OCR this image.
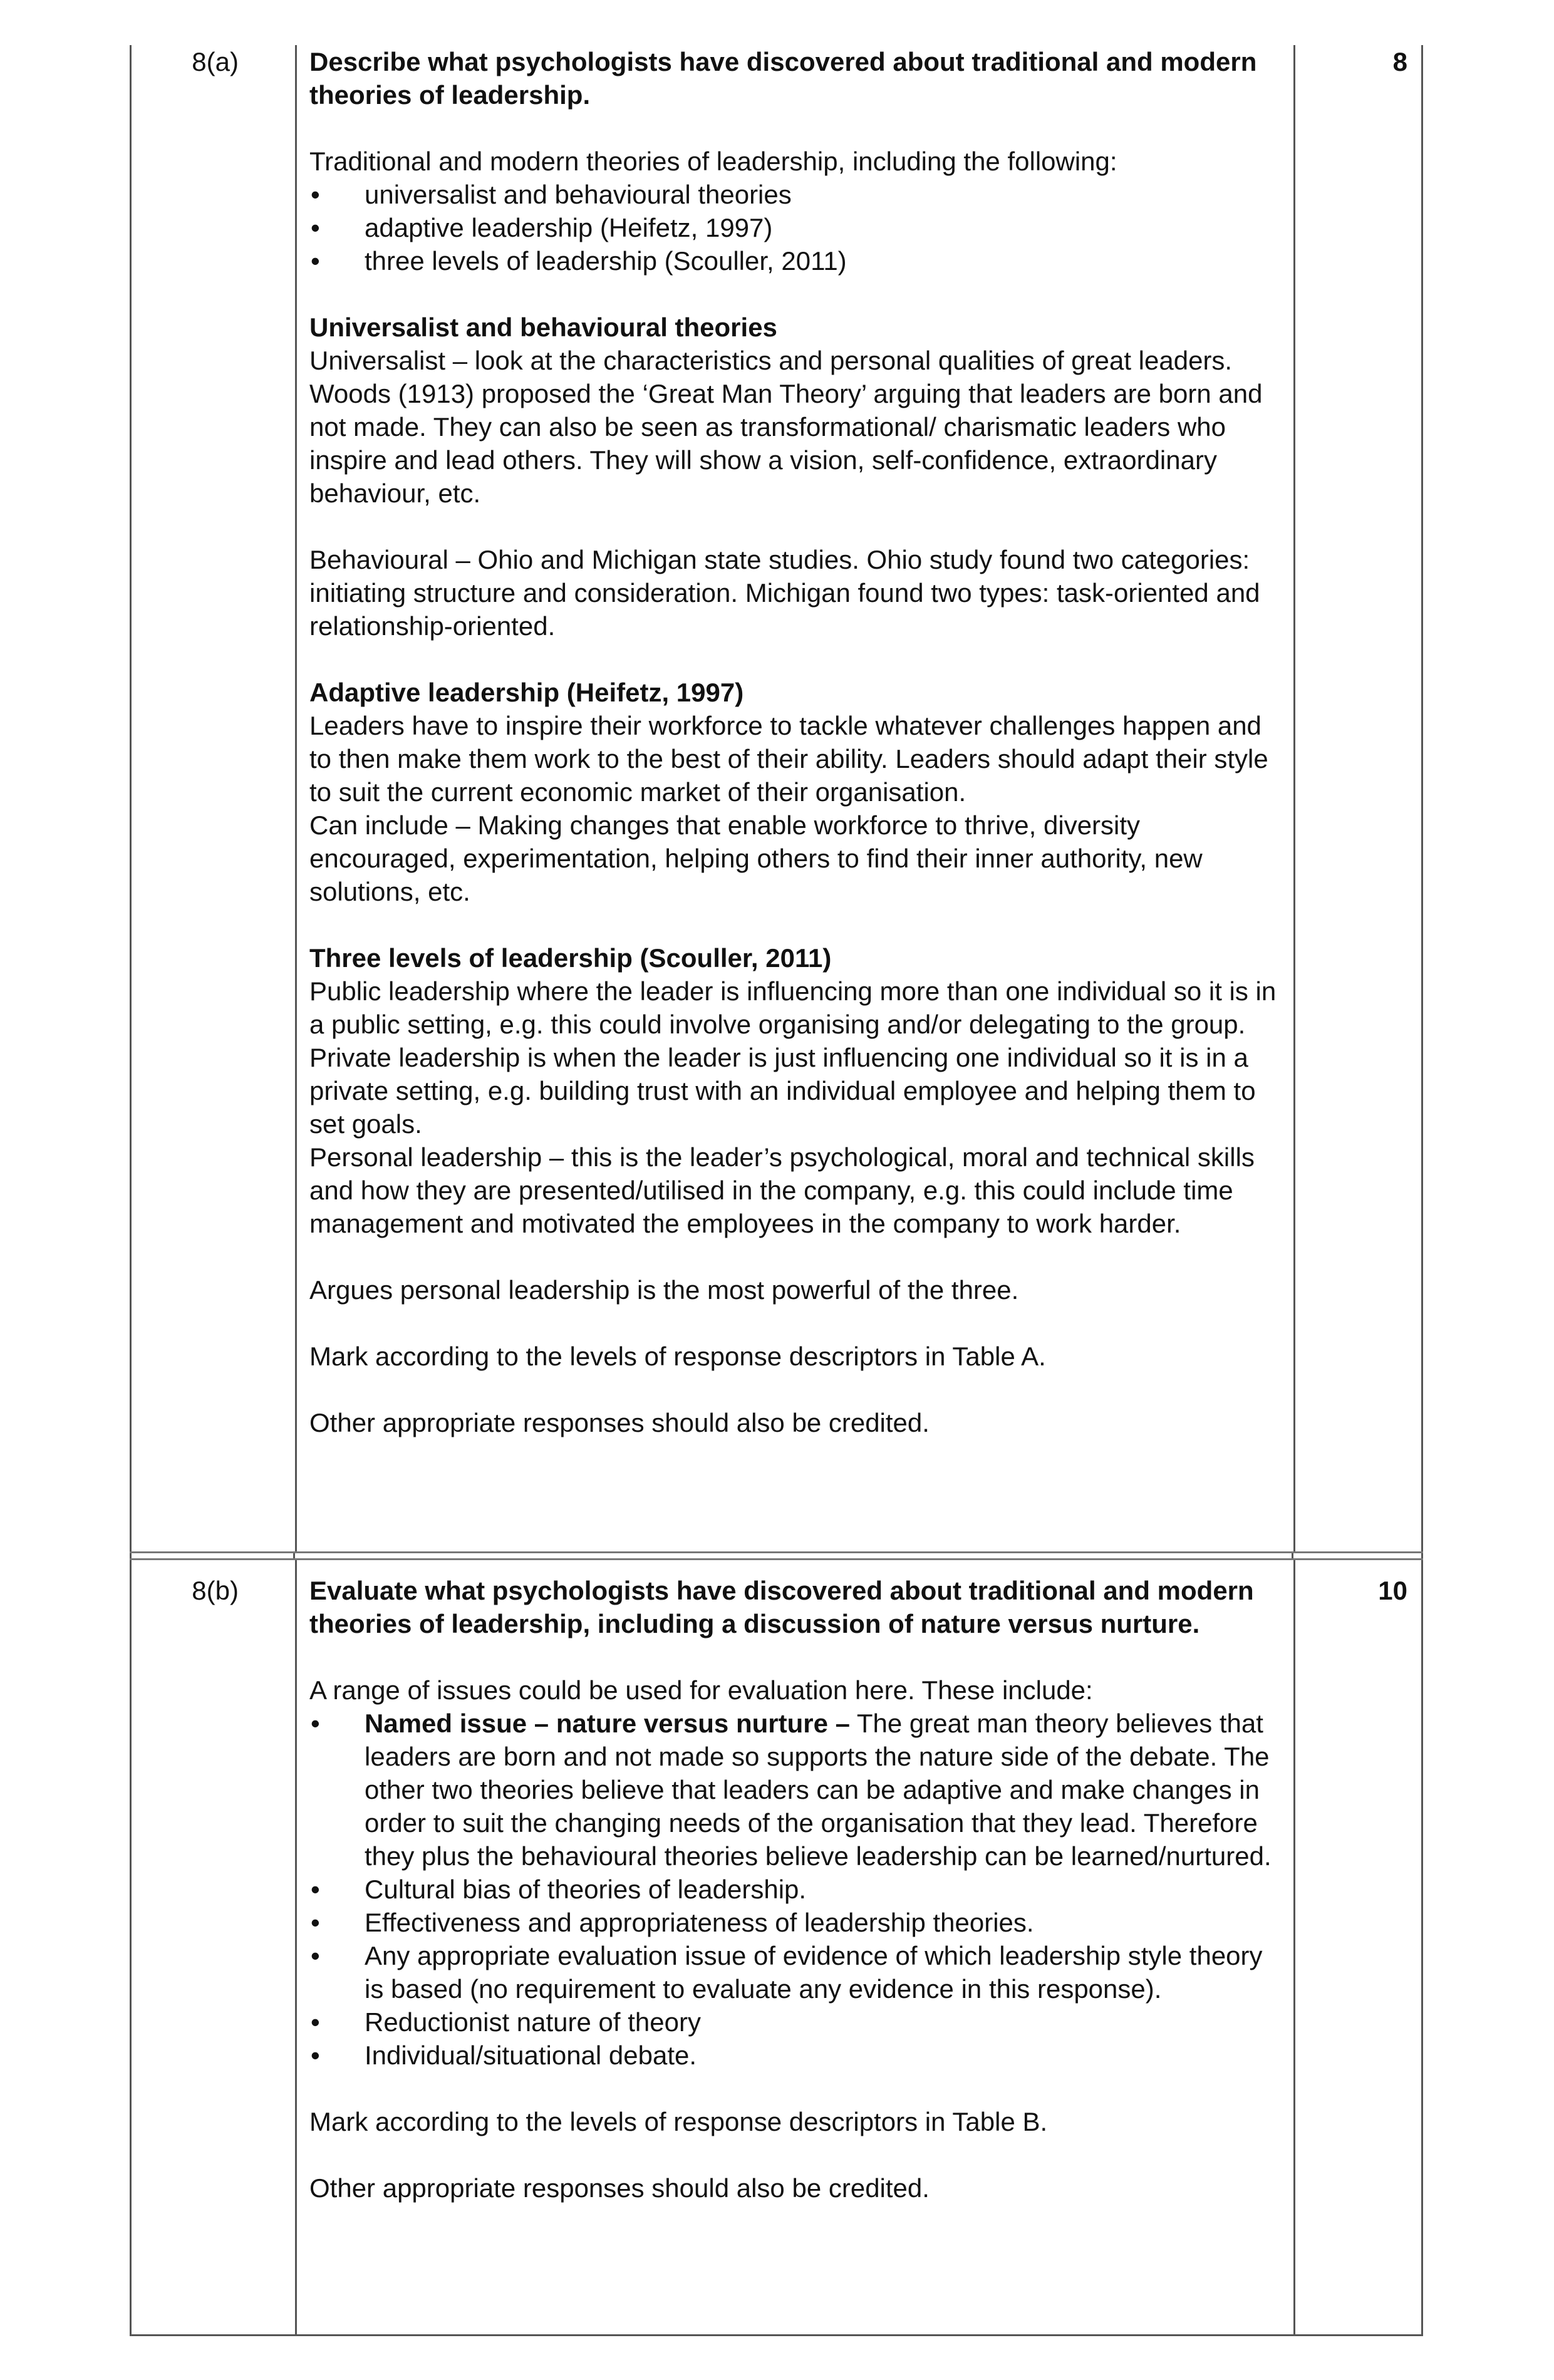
8(a)	Describe what psychologists have discovered about traditional and modern theories of leadership.

Traditional and modern theories of leadership, including the following:

• universalist and behavioural theories
• adaptive leadership (Heifetz, 1997)
• three levels of leadership (Scouller, 2011)

Universalist and behavioural theories

Universalist – look at the characteristics and personal qualities of great leaders. Woods (1913) proposed the ‘Great Man Theory’ arguing that leaders are born and not made. They can also be seen as transformational/ charismatic leaders who inspire and lead others. They will show a vision, self-confidence, extraordinary behaviour, etc.

Behavioural – Ohio and Michigan state studies. Ohio study found two categories: initiating structure and consideration. Michigan found two types: task-oriented and relationship-oriented.

Adaptive leadership (Heifetz, 1997)

Leaders have to inspire their workforce to tackle whatever challenges happen and to then make them work to the best of their ability. Leaders should adapt their style to suit the current economic market of their organisation.

Can include – Making changes that enable workforce to thrive, diversity encouraged, experimentation, helping others to find their inner authority, new solutions, etc.

Three levels of leadership (Scouller, 2011)

Public leadership where the leader is influencing more than one individual so it is in a public setting, e.g. this could involve organising and/or delegating to the group.

Private leadership is when the leader is just influencing one individual so it is in a private setting, e.g. building trust with an individual employee and helping them to set goals.

Personal leadership – this is the leader’s psychological, moral and technical skills and how they are presented/utilised in the company, e.g. this could include time management and motivated the employees in the company to work harder.

Argues personal leadership is the most powerful of the three.

Mark according to the levels of response descriptors in Table A.

Other appropriate responses should also be credited.

8
8(b)	Evaluate what psychologists have discovered about traditional and modern theories of leadership, including a discussion of nature versus nurture.

A range of issues could be used for evaluation here. These include:

• Named issue – nature versus nurture – The great man theory believes that leaders are born and not made so supports the nature side of the debate. The other two theories believe that leaders can be adaptive and make changes in order to suit the changing needs of the organisation that they lead. Therefore they plus the behavioural theories believe leadership can be learned/nurtured.
• Cultural bias of theories of leadership.
• Effectiveness and appropriateness of leadership theories.
• Any appropriate evaluation issue of evidence of which leadership style theory is based (no requirement to evaluate any evidence in this response).
• Reductionist nature of theory
• Individual/situational debate.

Mark according to the levels of response descriptors in Table B.

Other appropriate responses should also be credited.

10
